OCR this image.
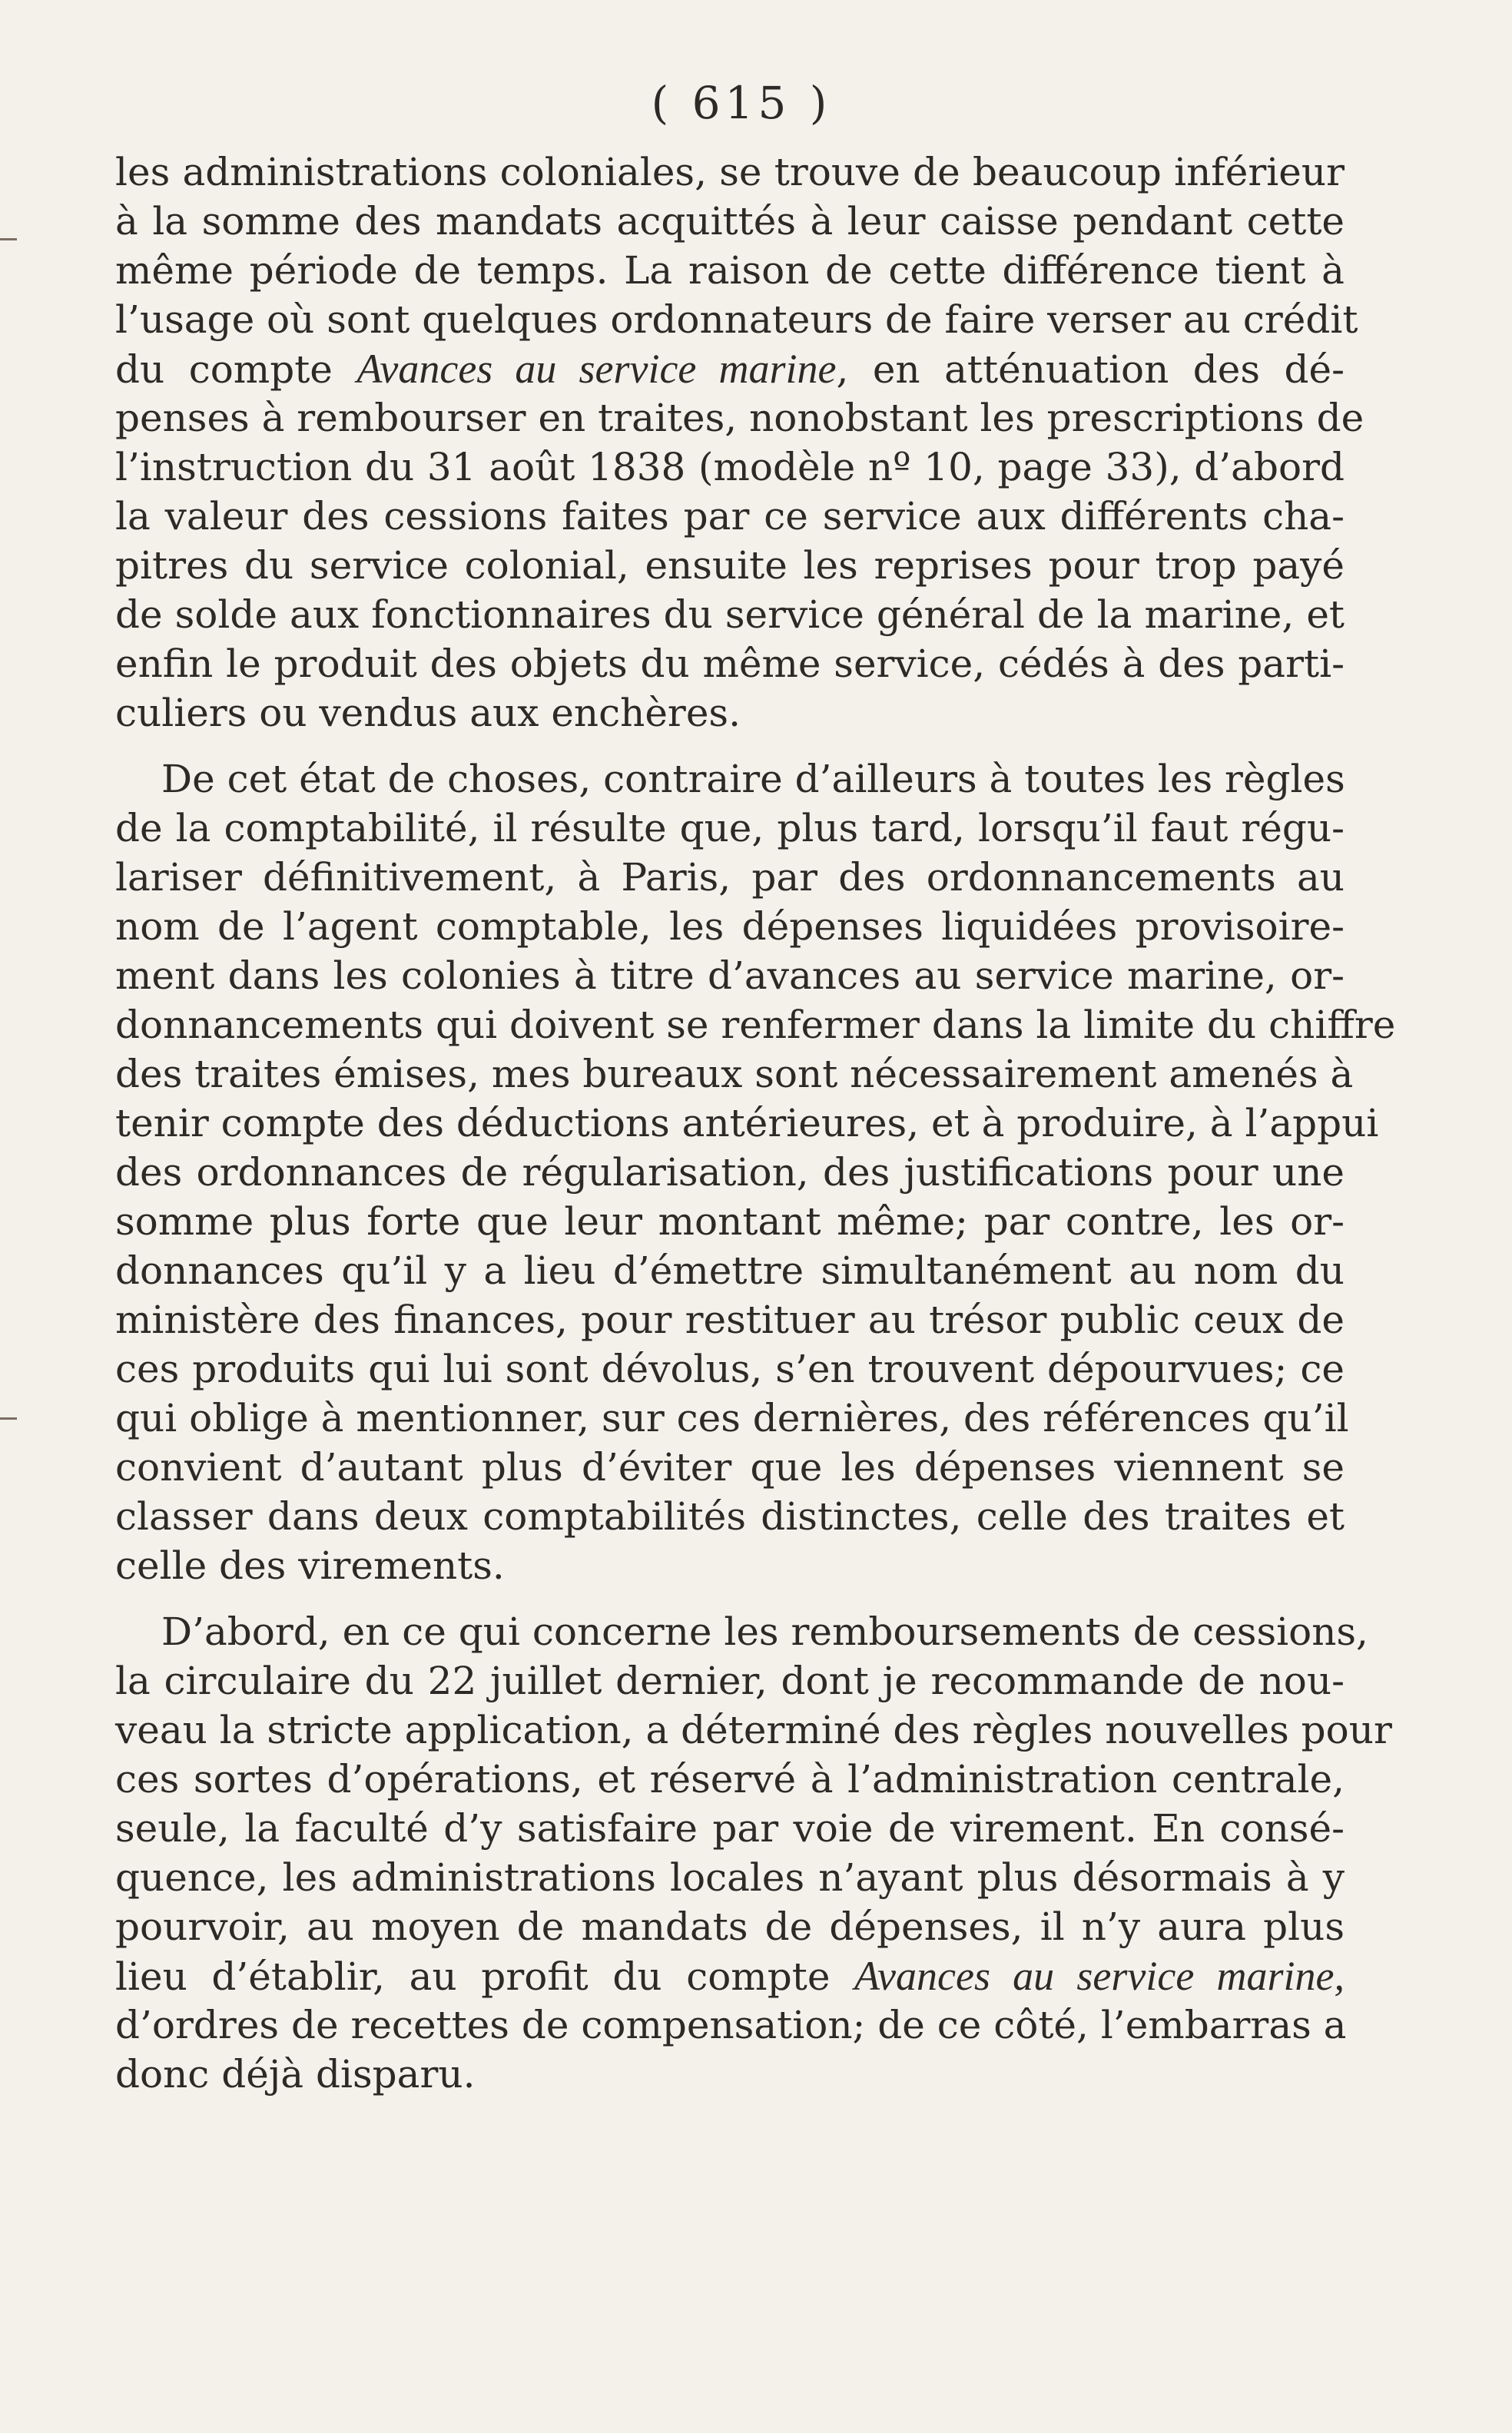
( 615 )
les administrations coloniales, se trouve de beaucoup inférieur
à la somme des mandats acquittés à leur caisse pendant cette
même période de temps. La raison de cette différence tient à
l’usage où sont quelques ordonnateurs de faire verser au crédit
du compte Avances au service marine, en atténuation des dé-
penses à rembourser en traites, nonobstant les prescriptions de
l’instruction du 31 août 1838 (modèle nº 10, page 33), d’abord
la valeur des cessions faites par ce service aux différents cha-
pitres du service colonial, ensuite les reprises pour trop payé
de solde aux fonctionnaires du service général de la marine, et
enfin le produit des objets du même service, cédés à des parti-
culiers ou vendus aux enchères.
De cet état de choses, contraire d’ailleurs à toutes les règles
de la comptabilité, il résulte que, plus tard, lorsqu’il faut régu-
lariser définitivement, à Paris, par des ordonnancements au
nom de l’agent comptable, les dépenses liquidées provisoire-
ment dans les colonies à titre d’avances au service marine, or-
donnancements qui doivent se renfermer dans la limite du chiffre
des traites émises, mes bureaux sont nécessairement amenés à
tenir compte des déductions antérieures, et à produire, à l’appui
des ordonnances de régularisation, des justifications pour une
somme plus forte que leur montant même; par contre, les or-
donnances qu’il y a lieu d’émettre simultanément au nom du
ministère des finances, pour restituer au trésor public ceux de
ces produits qui lui sont dévolus, s’en trouvent dépourvues; ce
qui oblige à mentionner, sur ces dernières, des références qu’il
convient d’autant plus d’éviter que les dépenses viennent se
classer dans deux comptabilités distinctes, celle des traites et
celle des virements.
D’abord, en ce qui concerne les remboursements de cessions,
la circulaire du 22 juillet dernier, dont je recommande de nou-
veau la stricte application, a déterminé des règles nouvelles pour
ces sortes d’opérations, et réservé à l’administration centrale,
seule, la faculté d’y satisfaire par voie de virement. En consé-
quence, les administrations locales n’ayant plus désormais à y
pourvoir, au moyen de mandats de dépenses, il n’y aura plus
lieu d’établir, au profit du compte Avances au service marine,
d’ordres de recettes de compensation; de ce côté, l’embarras a
donc déjà disparu.
